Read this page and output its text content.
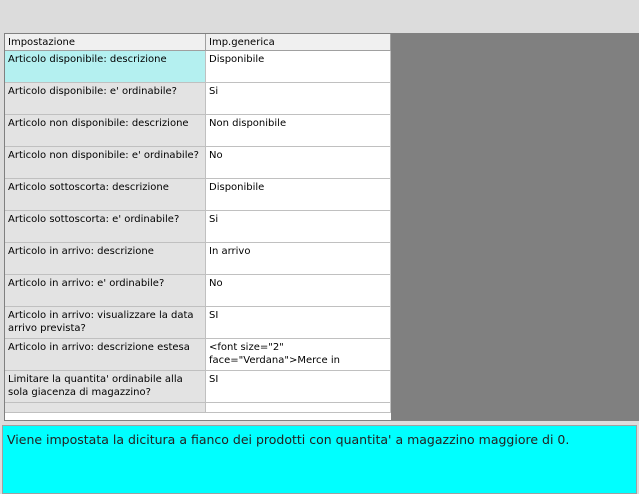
Impostazione	Imp.generica
Articolo disponibile: descrizione	Disponibile
Articolo disponibile: e' ordinabile?	Si
Articolo non disponibile: descrizione	Non disponibile
Articolo non disponibile: e' ordinabile?	No
Articolo sottoscorta: descrizione	Disponibile
Articolo sottoscorta: e' ordinabile?	Si
Articolo in arrivo: descrizione	In arrivo
Articolo in arrivo: e' ordinabile?	No
Articolo in arrivo: visualizzare la data arrivo prevista?	SI
Articolo in arrivo: descrizione estesa	<font size="2" face="Verdana">Merce in
Limitare la quantita' ordinabile alla sola giacenza di magazzino?	SI

Viene impostata la dicitura a fianco dei prodotti con quantita' a magazzino maggiore di 0.
